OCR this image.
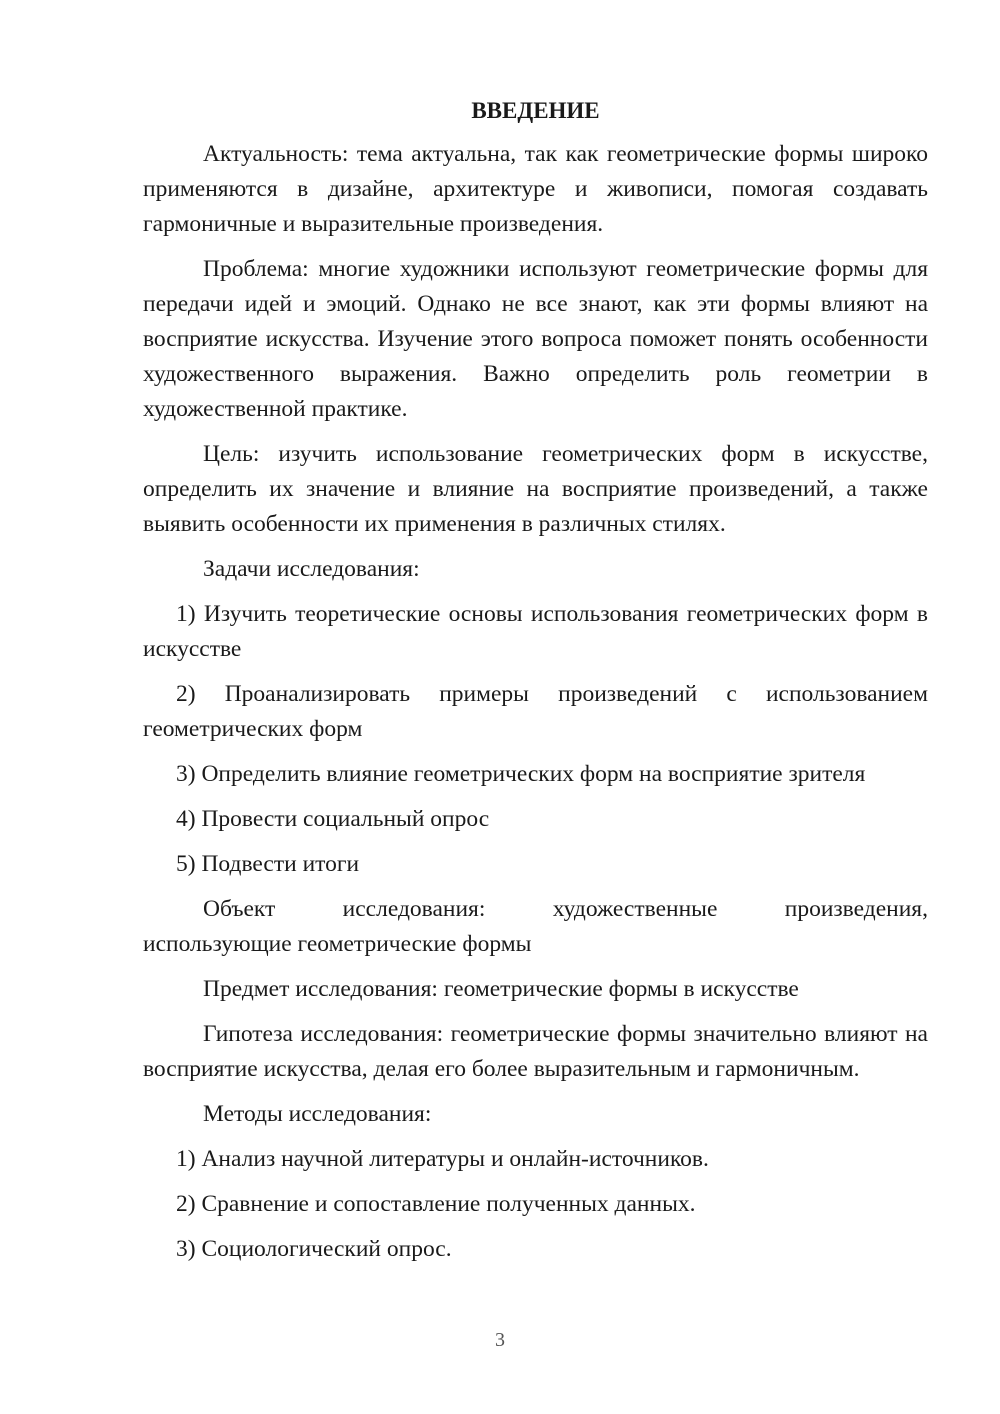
ВВЕДЕНИЕ

Актуальность: тема актуальна, так как геометрические формы широко применяются в дизайне, архитектуре и живописи, помогая создавать гармоничные и выразительные произведения.

Проблема: многие художники используют геометрические формы для передачи идей и эмоций. Однако не все знают, как эти формы влияют на восприятие искусства. Изучение этого вопроса поможет понять особенности художественного выражения. Важно определить роль геометрии в художественной практике.

Цель: изучить использование геометрических форм в искусстве, определить их значение и влияние на восприятие произведений, а также выявить особенности их применения в различных стилях.

Задачи исследования:

1) Изучить теоретические основы использования геометрических форм в искусстве

2) Проанализировать примеры произведений с использованием геометрических форм

3) Определить влияние геометрических форм на восприятие зрителя

4) Провести социальный опрос

5) Подвести итоги

Объект	исследования:	художественные	произведения,
использующие геометрические формы

Предмет исследования: геометрические формы в искусстве

Гипотеза исследования: геометрические формы значительно влияют на восприятие искусства, делая его более выразительным и гармоничным.

Методы исследования:

1) Анализ научной литературы и онлайн-источников.

2) Сравнение и сопоставление полученных данных.

3) Социологический опрос.

3
